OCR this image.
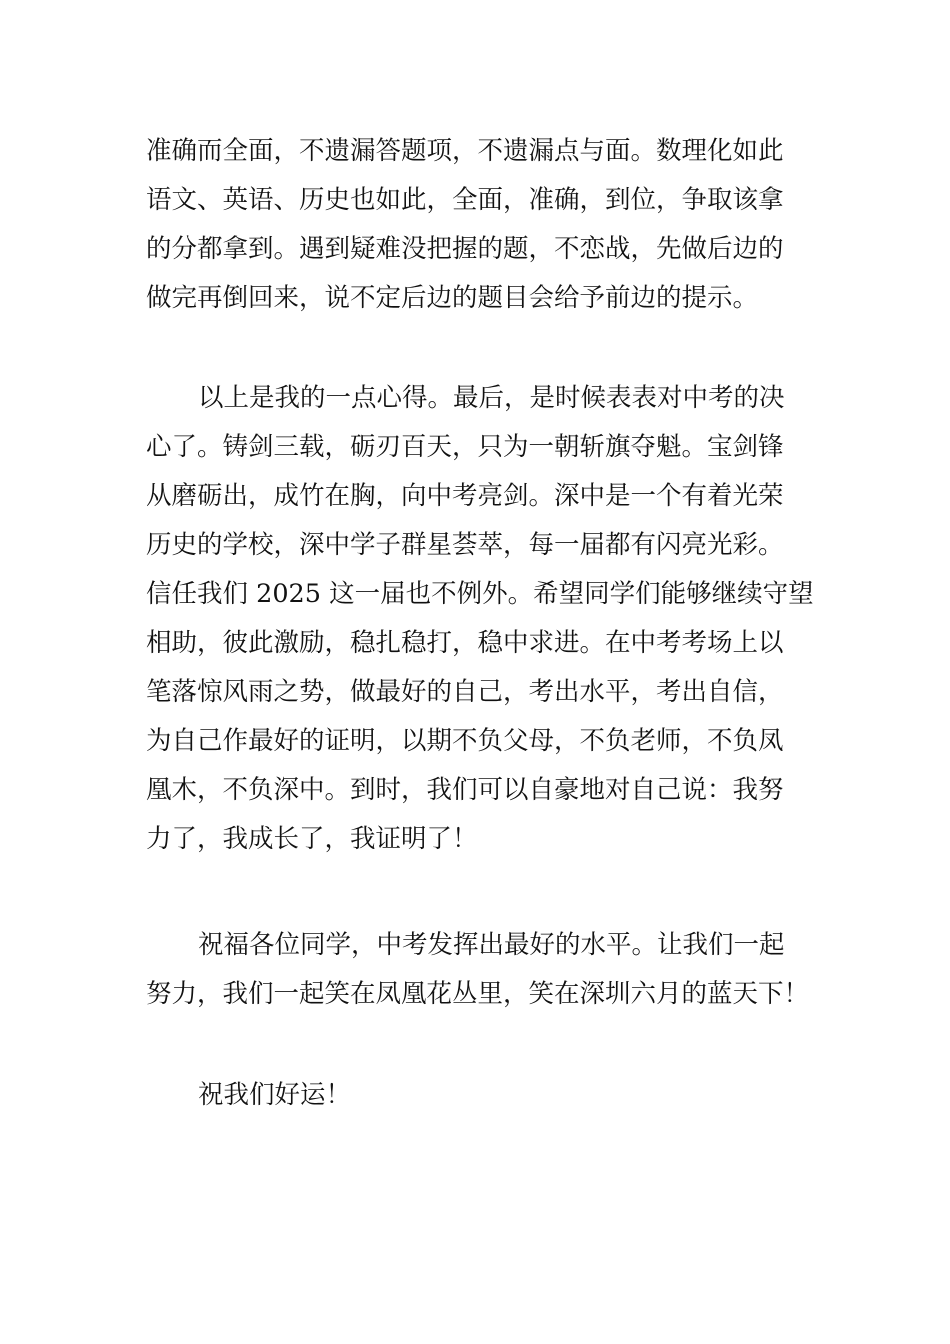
准确而全面，不遗漏答题项，不遗漏点与面。数理化如此
语文、英语、历史也如此，全面，准确，到位，争取该拿
的分都拿到。遇到疑难没把握的题，不恋战，先做后边的
做完再倒回来，说不定后边的题目会给予前边的提示。

以上是我的一点心得。最后，是时候表表对中考的决
心了。铸剑三载，砺刃百天，只为一朝斩旗夺魁。宝剑锋
从磨砺出，成竹在胸，向中考亮剑。深中是一个有着光荣
历史的学校，深中学子群星荟萃，每一届都有闪亮光彩。
信任我们 2025 这一届也不例外。希望同学们能够继续守望
相助，彼此激励，稳扎稳打，稳中求进。在中考考场上以
笔落惊风雨之势，做最好的自己，考出水平，考出自信，
为自己作最好的证明，以期不负父母，不负老师，不负凤
凰木，不负深中。到时，我们可以自豪地对自己说：我努
力了，我成长了，我证明了！

祝福各位同学，中考发挥出最好的水平。让我们一起
努力，我们一起笑在凤凰花丛里，笑在深圳六月的蓝天下！

祝我们好运！
